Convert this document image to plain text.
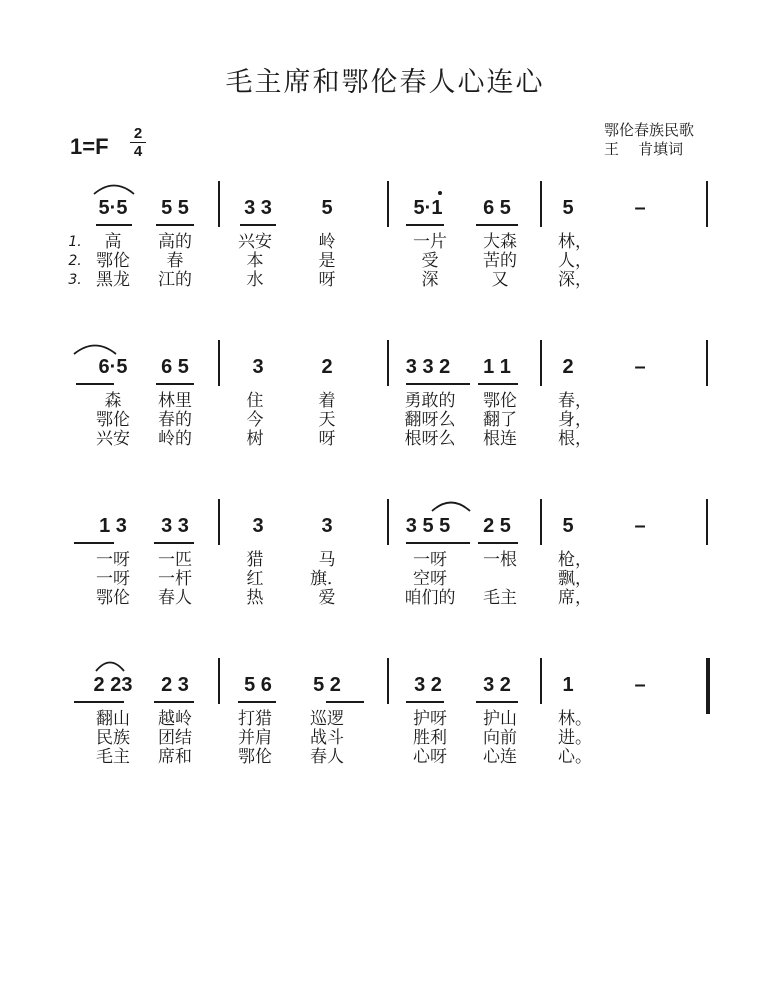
毛主席和鄂伦春人心连心
1=F
2
4
鄂伦春族民歌
王    肯填词
5·5 5 5	3 3 5	5·1 6 5	5	–
1. 高 高的	兴安	岭	一片 大森 林，
2. 鄂伦 春	本	是	受	苦的 人，
3. 黑龙 江的	水	呀	深	又	深，
6·5 6 5	3	2	3 3 2 1 1	2	–
森 林里	住	着	勇敢的 鄂伦 春，
鄂伦 春的	今	天	翻呀么 翻了 身，
兴安 岭的	树	呀	根呀么 根连 根，
1 3 3 3	3	3	3 5 5 2 5	5	–
一呀 一匹	猎	马	一呀 一根 枪，
一呀 一杆	红	旗．	空呀	飘，
鄂伦 春人	热	爱	咱们的 毛主 席，
2 23 2 3	5 6 5 2	3 2 3 2	1	–
翻山 越岭	打猎 巡逻	护呀 护山 林。
民族 团结	并肩 战斗	胜利 向前 进。
毛主 席和	鄂伦 春人	心呀 心连 心。
